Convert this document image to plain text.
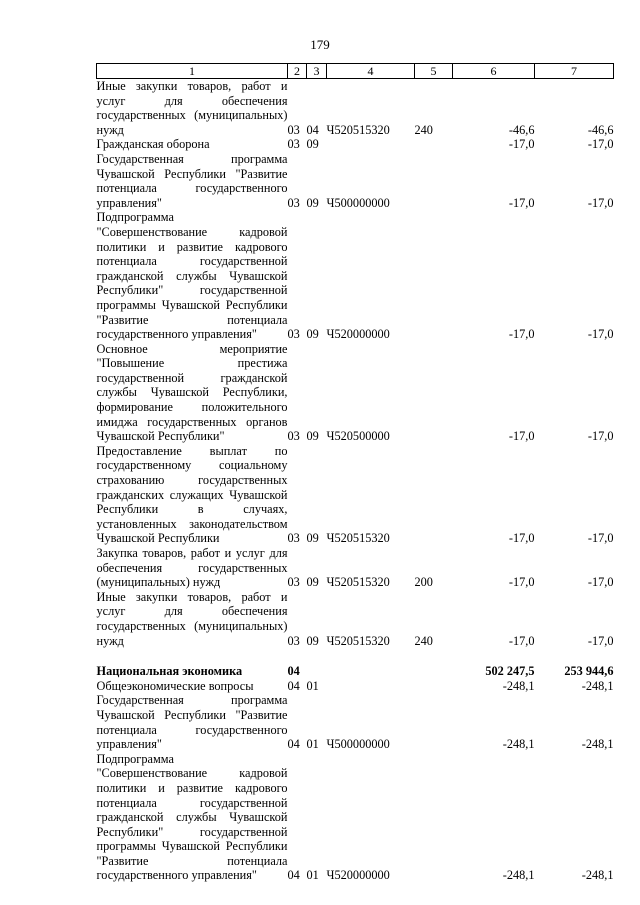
179
1	2	3	4	5	6	7
Иные закупки товаров, работ и услуг для обеспечения государственных (муниципальных) нужд	03	04	Ч520515320	240	-46,6	-46,6
Гражданская оборона	03	09			-17,0	-17,0
Государственная программа Чувашской Республики "Развитие потенциала государственного управления"	03	09	Ч500000000		-17,0	-17,0
Подпрограмма "Совершенствование кадровой политики и развитие кадрового потенциала государственной гражданской службы Чувашской Республики" государственной программы Чувашской Республики "Развитие потенциала государственного управления"	03	09	Ч520000000		-17,0	-17,0
Основное мероприятие "Повышение престижа государственной гражданской службы Чувашской Республики, формирование положительного имиджа государственных органов Чувашской Республики"	03	09	Ч520500000		-17,0	-17,0
Предоставление выплат по государственному социальному страхованию государственных гражданских служащих Чувашской Республики в случаях, установленных законодательством Чувашской Республики	03	09	Ч520515320		-17,0	-17,0
Закупка товаров, работ и услуг для обеспечения государственных (муниципальных) нужд	03	09	Ч520515320	200	-17,0	-17,0
Иные закупки товаров, работ и услуг для обеспечения государственных (муниципальных) нужд	03	09	Ч520515320	240	-17,0	-17,0

Национальная экономика	04				502 247,5	253 944,6
Общеэкономические вопросы	04	01			-248,1	-248,1
Государственная программа Чувашской Республики "Развитие потенциала государственного управления"	04	01	Ч500000000		-248,1	-248,1
Подпрограмма "Совершенствование кадровой политики и развитие кадрового потенциала государственной гражданской службы Чувашской Республики" государственной программы Чувашской Республики "Развитие потенциала государственного управления"	04	01	Ч520000000		-248,1	-248,1
